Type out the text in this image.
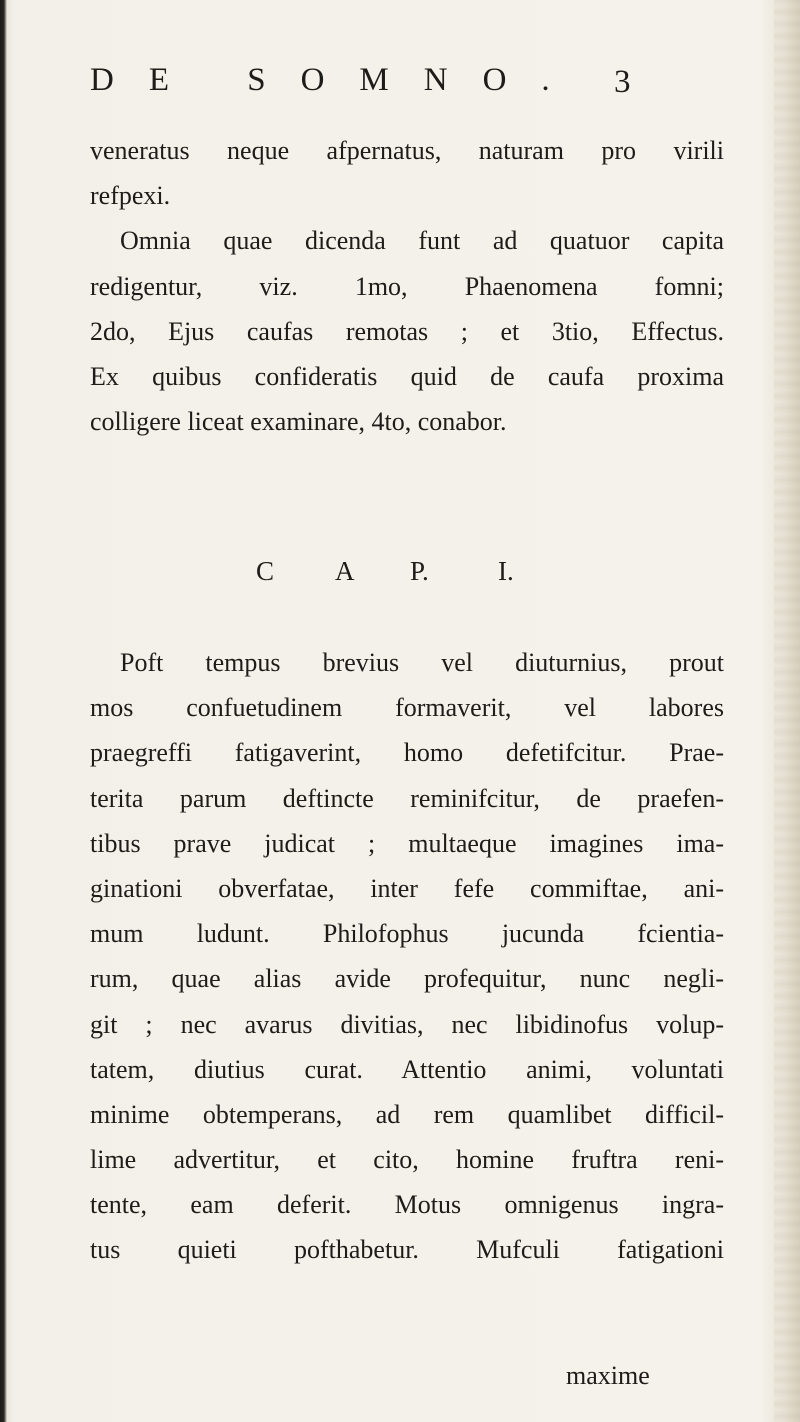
DE SOMNO. 3
veneratus neque afpernatus, naturam pro virili
refpexi.
Omnia quae dicenda funt ad quatuor capita
redigentur, viz. 1mo, Phaenomena fomni;
2do, Ejus caufas remotas ; et 3tio, Effectus.
Ex quibus confideratis quid de caufa proxima
colligere liceat examinare, 4to, conabor.
C A P.	I.
Poft tempus brevius vel diuturnius, prout
mos confuetudinem formaverit, vel labores
praegreffi fatigaverint, homo defetifcitur. Prae-
terita parum deftincte reminifcitur, de praefen-
tibus prave judicat ; multaeque imagines ima-
ginationi obverfatae, inter fefe commiftae, ani-
mum ludunt. Philofophus jucunda fcientia-
rum, quae alias avide profequitur, nunc negli-
git ; nec avarus divitias, nec libidinofus volup-
tatem, diutius curat. Attentio animi, voluntati
minime obtemperans, ad rem quamlibet difficil-
lime advertitur, et cito, homine fruftra reni-
tente, eam deferit. Motus omnigenus ingra-
tus quieti pofthabetur. Mufculi fatigationi
maxime
